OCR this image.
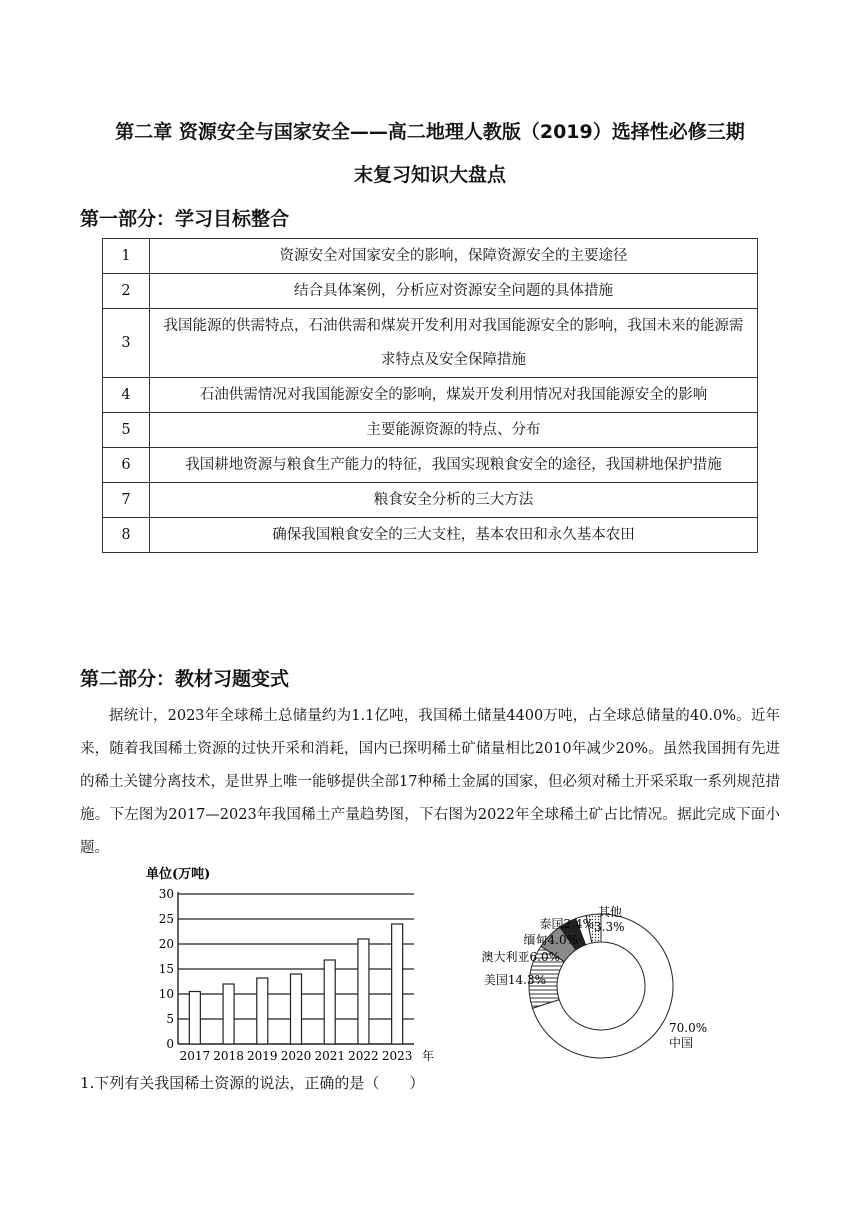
第二章 资源安全与国家安全——高二地理人教版（2019）选择性必修三期
末复习知识大盘点
第一部分：学习目标整合
1	资源安全对国家安全的影响，保障资源安全的主要途径
2	结合具体案例，分析应对资源安全问题的具体措施
3	我国能源的供需特点，石油供需和煤炭开发利用对我国能源安全的影响，我国未来的能源需求特点及安全保障措施
4	石油供需情况对我国能源安全的影响，煤炭开发利用情况对我国能源安全的影响
5	主要能源资源的特点、分布
6	我国耕地资源与粮食生产能力的特征，我国实现粮食安全的途径，我国耕地保护措施
7	粮食安全分析的三大方法
8	确保我国粮食安全的三大支柱，基本农田和永久基本农田
第二部分：教材习题变式
据统计，2023年全球稀土总储量约为1.1亿吨，我国稀土储量4400万吨，占全球总储量的40.0%。近年来，随着我国稀土资源的过快开采和消耗，国内已探明稀土矿储量相比2010年减少20%。虽然我国拥有先进的稀土关键分离技术，是世界上唯一能够提供全部17种稀土金属的国家，但必须对稀土开采采取一系列规范措施。下左图为2017—2023年我国稀土产量趋势图，下右图为2022年全球稀土矿占比情况。据此完成下面小题。
单位(万吨)
0
5
10
15
20
25
30
2017 2018 2019 2020 2021 2022 2023 年
70.0%
中国
美国14.3%
澳大利亚6.0%
缅甸4.0%
泰国2.4%
其他
3.3%
1.下列有关我国稀土资源的说法，正确的是（　　）
